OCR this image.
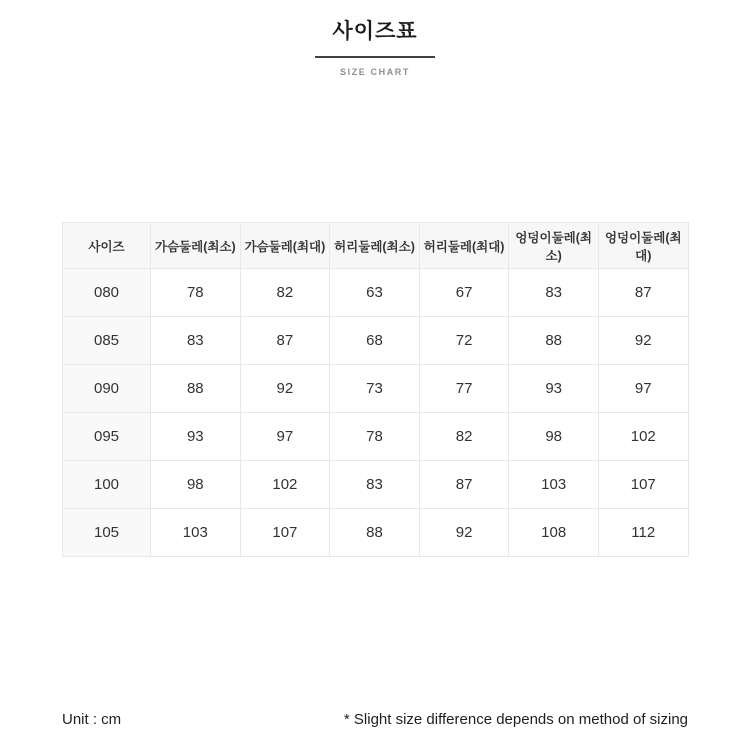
사이즈표
SIZE CHART
사이즈	가슴둘레(최소)	가슴둘레(최대)	허리둘레(최소)	허리둘레(최대)	엉덩이둘레(최소)	엉덩이둘레(최대)
080	78	82	63	67	83	87
085	83	87	68	72	88	92
090	88	92	73	77	93	97
095	93	97	78	82	98	102
100	98	102	83	87	103	107
105	103	107	88	92	108	112
Unit : cm	* Slight size difference depends on method of sizing
